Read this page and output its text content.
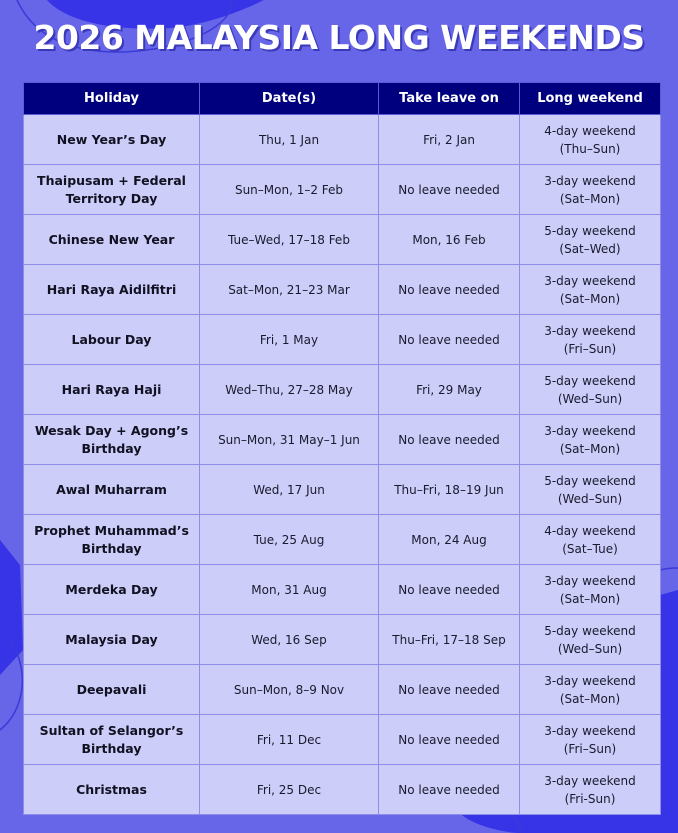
2026 MALAYSIA LONG WEEKENDS
Holiday	Date(s)	Take leave on	Long weekend
New Year’s Day	Thu, 1 Jan	Fri, 2 Jan	4-day weekend
(Thu–Sun)

Thaipusam + Federal Territory Day	Sun–Mon, 1–2 Feb	No leave needed	3-day weekend
(Sat–Mon)

Chinese New Year	Tue–Wed, 17–18 Feb	Mon, 16 Feb	5-day weekend
(Sat–Wed)

Hari Raya Aidilfitri	Sat–Mon, 21–23 Mar	No leave needed	3-day weekend
(Sat–Mon)

Labour Day	Fri, 1 May	No leave needed	3-day weekend
(Fri–Sun)

Hari Raya Haji	Wed–Thu, 27–28 May	Fri, 29 May	5-day weekend
(Wed–Sun)

Wesak Day + Agong’s Birthday	Sun–Mon, 31 May–1 Jun	No leave needed	3-day weekend
(Sat–Mon)

Awal Muharram	Wed, 17 Jun	Thu–Fri, 18–19 Jun	5-day weekend
(Wed–Sun)

Prophet Muhammad’s Birthday	Tue, 25 Aug	Mon, 24 Aug	4-day weekend
(Sat–Tue)

Merdeka Day	Mon, 31 Aug	No leave needed	3-day weekend
(Sat–Mon)

Malaysia Day	Wed, 16 Sep	Thu–Fri, 17–18 Sep	5-day weekend
(Wed–Sun)

Deepavali	Sun–Mon, 8–9 Nov	No leave needed	3-day weekend
(Sat–Mon)

Sultan of Selangor’s Birthday	Fri, 11 Dec	No leave needed	3-day weekend
(Fri–Sun)

Christmas	Fri, 25 Dec	No leave needed	3-day weekend
(Fri-Sun)
